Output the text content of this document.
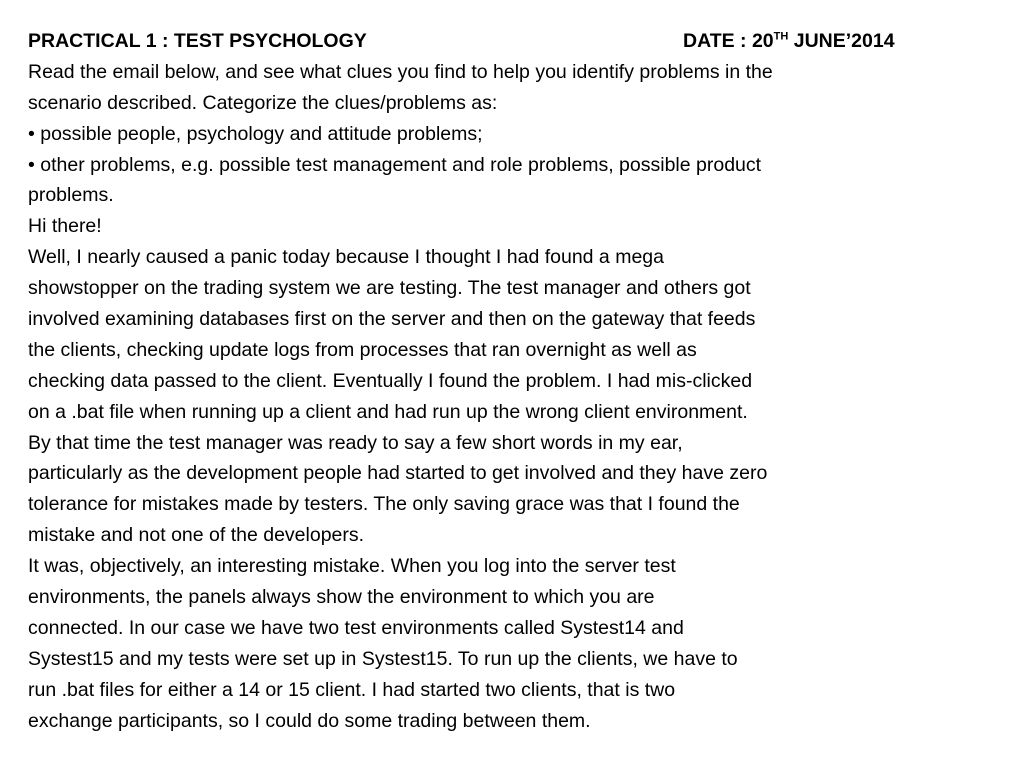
PRACTICAL 1 : TEST PSYCHOLOGY	DATE : 20TH JUNE’2014
Read the email below, and see what clues you find to help you identify problems in the
scenario described. Categorize the clues/problems as:
• possible people, psychology and attitude problems;
• other problems, e.g. possible test management and role problems, possible product
problems.
Hi there!
Well, I nearly caused a panic today because I thought I had found a mega
showstopper on the trading system we are testing. The test manager and others got
involved examining databases first on the server and then on the gateway that feeds
the clients, checking update logs from processes that ran overnight as well as
checking data passed to the client. Eventually I found the problem. I had mis-clicked
on a .bat file when running up a client and had run up the wrong client environment.
By that time the test manager was ready to say a few short words in my ear,
particularly as the development people had started to get involved and they have zero
tolerance for mistakes made by testers. The only saving grace was that I found the
mistake and not one of the developers.
It was, objectively, an interesting mistake. When you log into the server test
environments, the panels always show the environment to which you are
connected. In our case we have two test environments called Systest14 and
Systest15 and my tests were set up in Systest15. To run up the clients, we have to
run .bat files for either a 14 or 15 client. I had started two clients, that is two
exchange participants, so I could do some trading between them.
